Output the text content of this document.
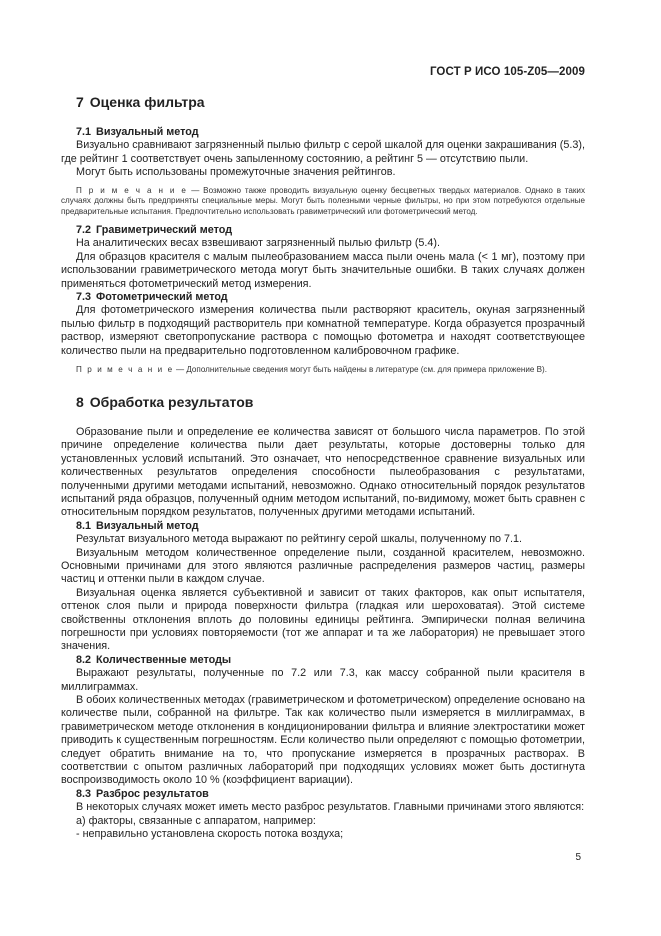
ГОСТ Р ИСО 105-Z05—2009
7 Оценка фильтра
7.1 Визуальный метод

Визуально сравнивают загрязненный пылью фильтр с серой шкалой для оценки закрашивания (5.3), где рейтинг 1 соответствует очень запыленному состоянию, а рейтинг 5 — отсутствию пыли.

Могут быть использованы промежуточные значения рейтингов.

П р и м е ч а н и е — Возможно также проводить визуальную оценку бесцветных твердых материалов. Однако в таких случаях должны быть предприняты специальные меры. Могут быть полезными черные фильтры, но при этом потребуются отдельные предварительные испытания. Предпочтительно использовать гравиметрический или фотометрический метод.

7.2 Гравиметрический метод

На аналитических весах взвешивают загрязненный пылью фильтр (5.4).

Для образцов красителя с малым пылеобразованием масса пыли очень мала (< 1 мг), поэтому при использовании гравиметрического метода могут быть значительные ошибки. В таких случаях должен применяться фотометрический метод измерения.

7.3 Фотометрический метод

Для фотометрического измерения количества пыли растворяют краситель, окуная загрязненный пылью фильтр в подходящий растворитель при комнатной температуре. Когда образуется прозрачный раствор, измеряют светопропускание раствора с помощью фотометра и находят соответствующее количество пыли на предварительно подготовленном калибровочном графике.

П р и м е ч а н и е — Дополнительные сведения могут быть найдены в литературе (см. для примера приложение В).

8 Обработка результатов

Образование пыли и определение ее количества зависят от большого числа параметров. По этой причине определение количества пыли дает результаты, которые достоверны только для установленных условий испытаний. Это означает, что непосредственное сравнение визуальных или количественных результатов определения способности пылеобразования с результатами, полученными другими методами испытаний, невозможно. Однако относительный порядок результатов испытаний ряда образцов, полученный одним методом испытаний, по-видимому, может быть сравнен с относительным порядком результатов, полученных другими методами испытаний.

8.1 Визуальный метод

Результат визуального метода выражают по рейтингу серой шкалы, полученному по 7.1.

Визуальным методом количественное определение пыли, созданной красителем, невозможно. Основными причинами для этого являются различные распределения размеров частиц, размеры частиц и оттенки пыли в каждом случае.

Визуальная оценка является субъективной и зависит от таких факторов, как опыт испытателя, оттенок слоя пыли и природа поверхности фильтра (гладкая или шероховатая). Этой системе свойственны отклонения вплоть до половины единицы рейтинга. Эмпирически полная величина погрешности при условиях повторяемости (тот же аппарат и та же лаборатория) не превышает этого значения.

8.2 Количественные методы

Выражают результаты, полученные по 7.2 или 7.3, как массу собранной пыли красителя в миллиграммах.

В обоих количественных методах (гравиметрическом и фотометрическом) определение основано на количестве пыли, собранной на фильтре. Так как количество пыли измеряется в миллиграммах, в гравиметрическом методе отклонения в кондиционировании фильтра и влияние электростатики может приводить к существенным погрешностям. Если количество пыли определяют с помощью фотометрии, следует обратить внимание на то, что пропускание измеряется в прозрачных растворах. В соответствии с опытом различных лабораторий при подходящих условиях может быть достигнута воспроизводимость около 10 % (коэффициент вариации).

8.3 Разброс результатов

В некоторых случаях может иметь место разброс результатов. Главными причинами этого являются:

а) факторы, связанные с аппаратом, например:

- неправильно установлена скорость потока воздуха;

5
